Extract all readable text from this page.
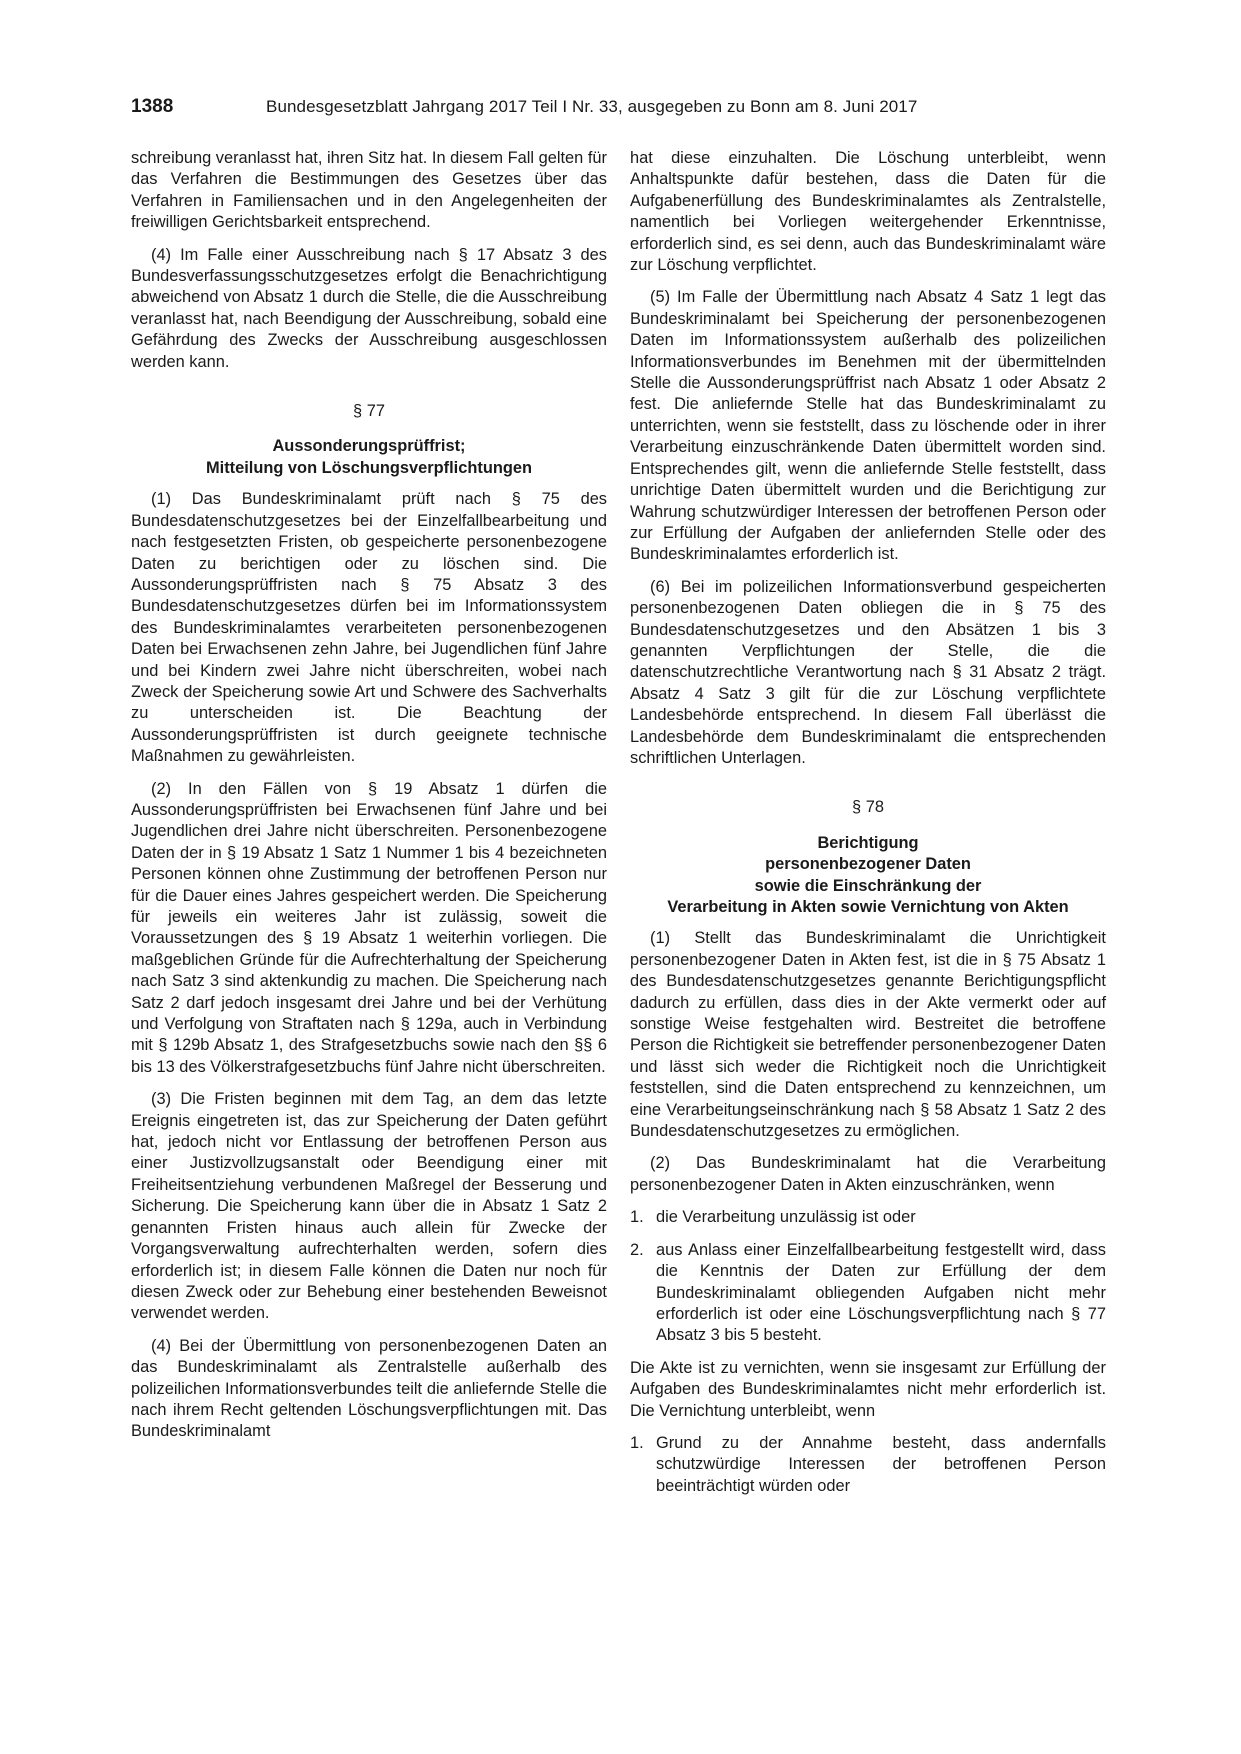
1388	Bundesgesetzblatt Jahrgang 2017 Teil I Nr. 33, ausgegeben zu Bonn am 8. Juni 2017

schreibung veranlasst hat, ihren Sitz hat. In diesem Fall gelten für das Verfahren die Bestimmungen des Gesetzes über das Verfahren in Familiensachen und in den Angelegenheiten der freiwilligen Gerichtsbarkeit entsprechend.

(4) Im Falle einer Ausschreibung nach § 17 Absatz 3 des Bundesverfassungsschutzgesetzes erfolgt die Benachrichtigung abweichend von Absatz 1 durch die Stelle, die die Ausschreibung veranlasst hat, nach Beendigung der Ausschreibung, sobald eine Gefährdung des Zwecks der Ausschreibung ausgeschlossen werden kann.

§ 77
Aussonderungsprüffrist;
Mitteilung von Löschungsverpflichtungen

(1) Das Bundeskriminalamt prüft nach § 75 des Bundesdatenschutzgesetzes bei der Einzelfallbearbeitung und nach festgesetzten Fristen, ob gespeicherte personenbezogene Daten zu berichtigen oder zu löschen sind. Die Aussonderungsprüffristen nach § 75 Absatz 3 des Bundesdatenschutzgesetzes dürfen bei im Informationssystem des Bundeskriminalamtes verarbeiteten personenbezogenen Daten bei Erwachsenen zehn Jahre, bei Jugendlichen fünf Jahre und bei Kindern zwei Jahre nicht überschreiten, wobei nach Zweck der Speicherung sowie Art und Schwere des Sachverhalts zu unterscheiden ist. Die Beachtung der Aussonderungsprüffristen ist durch geeignete technische Maßnahmen zu gewährleisten.

(2) In den Fällen von § 19 Absatz 1 dürfen die Aussonderungsprüffristen bei Erwachsenen fünf Jahre und bei Jugendlichen drei Jahre nicht überschreiten. Personenbezogene Daten der in § 19 Absatz 1 Satz 1 Nummer 1 bis 4 bezeichneten Personen können ohne Zustimmung der betroffenen Person nur für die Dauer eines Jahres gespeichert werden. Die Speicherung für jeweils ein weiteres Jahr ist zulässig, soweit die Voraussetzungen des § 19 Absatz 1 weiterhin vorliegen. Die maßgeblichen Gründe für die Aufrechterhaltung der Speicherung nach Satz 3 sind aktenkundig zu machen. Die Speicherung nach Satz 2 darf jedoch insgesamt drei Jahre und bei der Verhütung und Verfolgung von Straftaten nach § 129a, auch in Verbindung mit § 129b Absatz 1, des Strafgesetzbuchs sowie nach den §§ 6 bis 13 des Völkerstrafgesetzbuchs fünf Jahre nicht überschreiten.

(3) Die Fristen beginnen mit dem Tag, an dem das letzte Ereignis eingetreten ist, das zur Speicherung der Daten geführt hat, jedoch nicht vor Entlassung der betroffenen Person aus einer Justizvollzugsanstalt oder Beendigung einer mit Freiheitsentziehung verbundenen Maßregel der Besserung und Sicherung. Die Speicherung kann über die in Absatz 1 Satz 2 genannten Fristen hinaus auch allein für Zwecke der Vorgangsverwaltung aufrechterhalten werden, sofern dies erforderlich ist; in diesem Falle können die Daten nur noch für diesen Zweck oder zur Behebung einer bestehenden Beweisnot verwendet werden.

(4) Bei der Übermittlung von personenbezogenen Daten an das Bundeskriminalamt als Zentralstelle außerhalb des polizeilichen Informationsverbundes teilt die anliefernde Stelle die nach ihrem Recht geltenden Löschungsverpflichtungen mit. Das Bundeskriminalamt

hat diese einzuhalten. Die Löschung unterbleibt, wenn Anhaltspunkte dafür bestehen, dass die Daten für die Aufgabenerfüllung des Bundeskriminalamtes als Zentralstelle, namentlich bei Vorliegen weitergehender Erkenntnisse, erforderlich sind, es sei denn, auch das Bundeskriminalamt wäre zur Löschung verpflichtet.

(5) Im Falle der Übermittlung nach Absatz 4 Satz 1 legt das Bundeskriminalamt bei Speicherung der personenbezogenen Daten im Informationssystem außerhalb des polizeilichen Informationsverbundes im Benehmen mit der übermittelnden Stelle die Aussonderungsprüffrist nach Absatz 1 oder Absatz 2 fest. Die anliefernde Stelle hat das Bundeskriminalamt zu unterrichten, wenn sie feststellt, dass zu löschende oder in ihrer Verarbeitung einzuschränkende Daten übermittelt worden sind. Entsprechendes gilt, wenn die anliefernde Stelle feststellt, dass unrichtige Daten übermittelt wurden und die Berichtigung zur Wahrung schutzwürdiger Interessen der betroffenen Person oder zur Erfüllung der Aufgaben der anliefernden Stelle oder des Bundeskriminalamtes erforderlich ist.

(6) Bei im polizeilichen Informationsverbund gespeicherten personenbezogenen Daten obliegen die in § 75 des Bundesdatenschutzgesetzes und den Absätzen 1 bis 3 genannten Verpflichtungen der Stelle, die die datenschutzrechtliche Verantwortung nach § 31 Absatz 2 trägt. Absatz 4 Satz 3 gilt für die zur Löschung verpflichtete Landesbehörde entsprechend. In diesem Fall überlässt die Landesbehörde dem Bundeskriminalamt die entsprechenden schriftlichen Unterlagen.

§ 78
Berichtigung
personenbezogener Daten
sowie die Einschränkung der
Verarbeitung in Akten sowie Vernichtung von Akten

(1) Stellt das Bundeskriminalamt die Unrichtigkeit personenbezogener Daten in Akten fest, ist die in § 75 Absatz 1 des Bundesdatenschutzgesetzes genannte Berichtigungspflicht dadurch zu erfüllen, dass dies in der Akte vermerkt oder auf sonstige Weise festgehalten wird. Bestreitet die betroffene Person die Richtigkeit sie betreffender personenbezogener Daten und lässt sich weder die Richtigkeit noch die Unrichtigkeit feststellen, sind die Daten entsprechend zu kennzeichnen, um eine Verarbeitungseinschränkung nach § 58 Absatz 1 Satz 2 des Bundesdatenschutzgesetzes zu ermöglichen.

(2) Das Bundeskriminalamt hat die Verarbeitung personenbezogener Daten in Akten einzuschränken, wenn

1. die Verarbeitung unzulässig ist oder
2. aus Anlass einer Einzelfallbearbeitung festgestellt wird, dass die Kenntnis der Daten zur Erfüllung der dem Bundeskriminalamt obliegenden Aufgaben nicht mehr erforderlich ist oder eine Löschungsverpflichtung nach § 77 Absatz 3 bis 5 besteht.

Die Akte ist zu vernichten, wenn sie insgesamt zur Erfüllung der Aufgaben des Bundeskriminalamtes nicht mehr erforderlich ist. Die Vernichtung unterbleibt, wenn

1. Grund zu der Annahme besteht, dass andernfalls schutzwürdige Interessen der betroffenen Person beeinträchtigt würden oder
